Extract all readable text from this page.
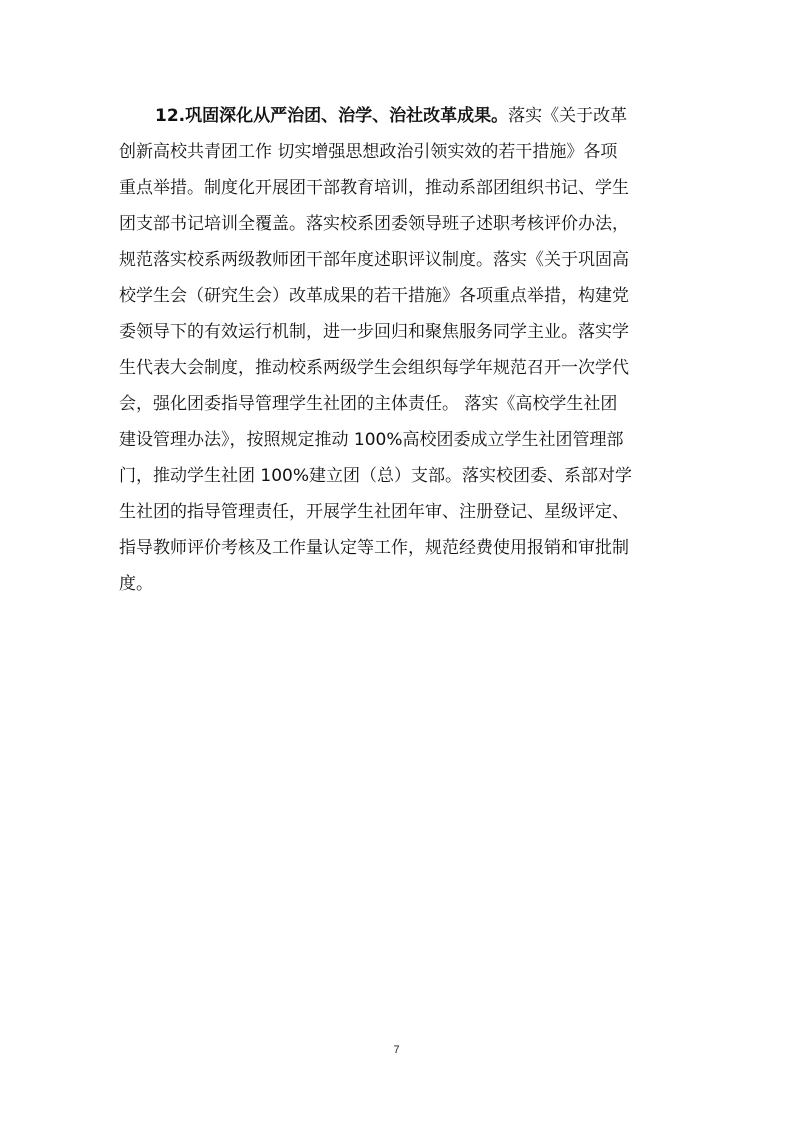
12.巩固深化从严治团、治学、治社改革成果。落实《关于改革
创新高校共青团工作 切实增强思想政治引领实效的若干措施》各项
重点举措。制度化开展团干部教育培训，推动系部团组织书记、学生
团支部书记培训全覆盖。落实校系团委领导班子述职考核评价办法，
规范落实校系两级教师团干部年度述职评议制度。落实《关于巩固高
校学生会（研究生会）改革成果的若干措施》各项重点举措，构建党
委领导下的有效运行机制，进一步回归和聚焦服务同学主业。落实学
生代表大会制度，推动校系两级学生会组织每学年规范召开一次学代
会，强化团委指导管理学生社团的主体责任。 落实《高校学生社团
建设管理办法》，按照规定推动 100%高校团委成立学生社团管理部
门，推动学生社团 100%建立团（总）支部。落实校团委、系部对学
生社团的指导管理责任，开展学生社团年审、注册登记、星级评定、
指导教师评价考核及工作量认定等工作，规范经费使用报销和审批制
度。
7
